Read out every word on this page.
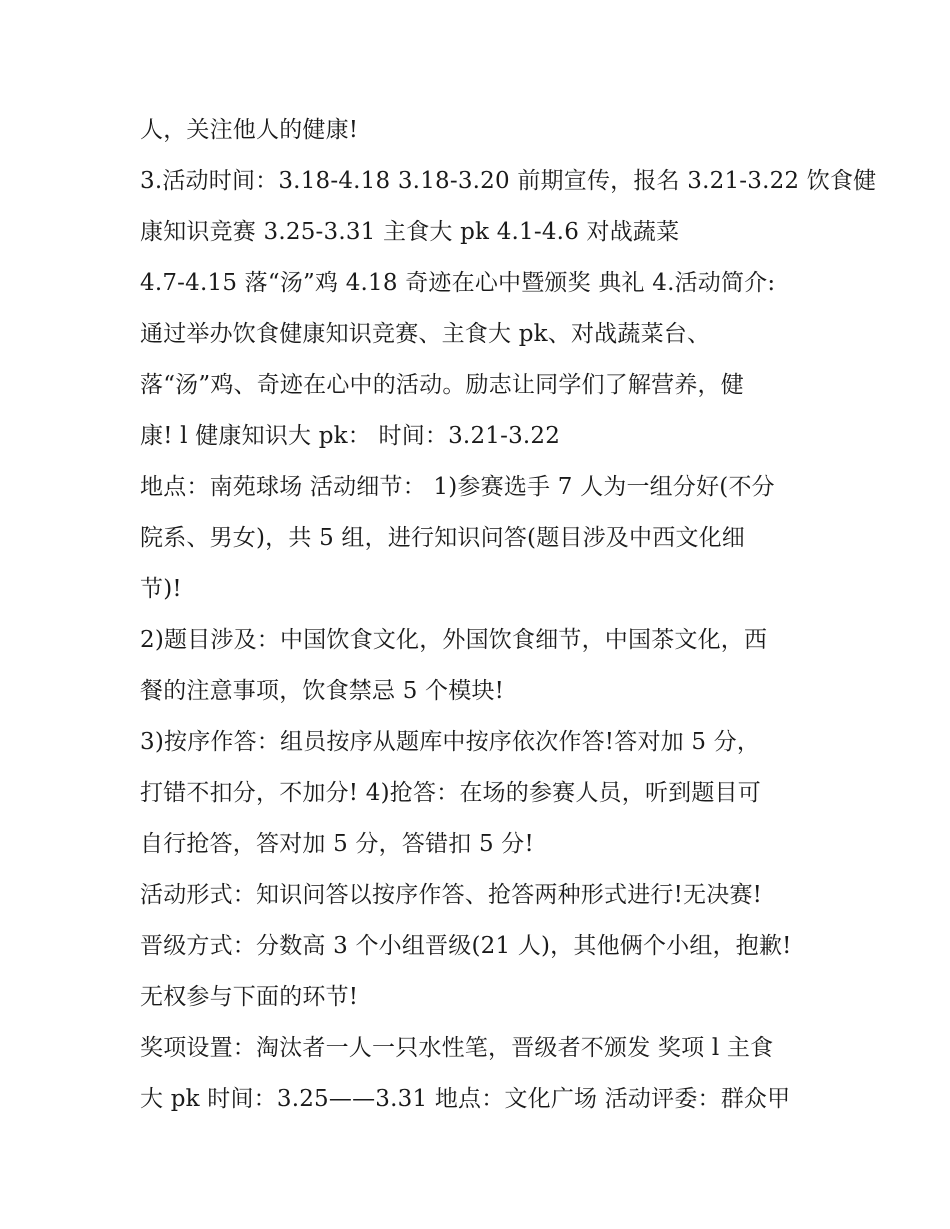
人，关注他人的健康!
3.活动时间：3.18-4.18 3.18-3.20 前期宣传，报名 3.21-3.22 饮食健
康知识竞赛 3.25-3.31 主食大 pk 4.1-4.6 对战蔬菜
4.7-4.15 落“汤”鸡 4.18 奇迹在心中暨颁奖 典礼 4.活动简介:
通过举办饮食健康知识竞赛、主食大 pk、对战蔬菜台、
落“汤”鸡、奇迹在心中的活动。励志让同学们了解营养，健
康! l 健康知识大 pk： 时间：3.21-3.22
地点：南苑球场 活动细节： 1)参赛选手 7 人为一组分好(不分
院系、男女)，共 5 组，进行知识问答(题目涉及中西文化细
节)!
2)题目涉及：中国饮食文化，外国饮食细节，中国茶文化，西
餐的注意事项，饮食禁忌 5 个模块!
3)按序作答：组员按序从题库中按序依次作答!答对加 5 分，
打错不扣分，不加分! 4)抢答：在场的参赛人员，听到题目可
自行抢答，答对加 5 分，答错扣 5 分!
活动形式：知识问答以按序作答、抢答两种形式进行!无决赛!
晋级方式：分数高 3 个小组晋级(21 人)，其他俩个小组，抱歉!
无权参与下面的环节!
奖项设置：淘汰者一人一只水性笔，晋级者不颁发 奖项 l 主食
大 pk 时间：3.25——3.31 地点：文化广场 活动评委：群众甲
